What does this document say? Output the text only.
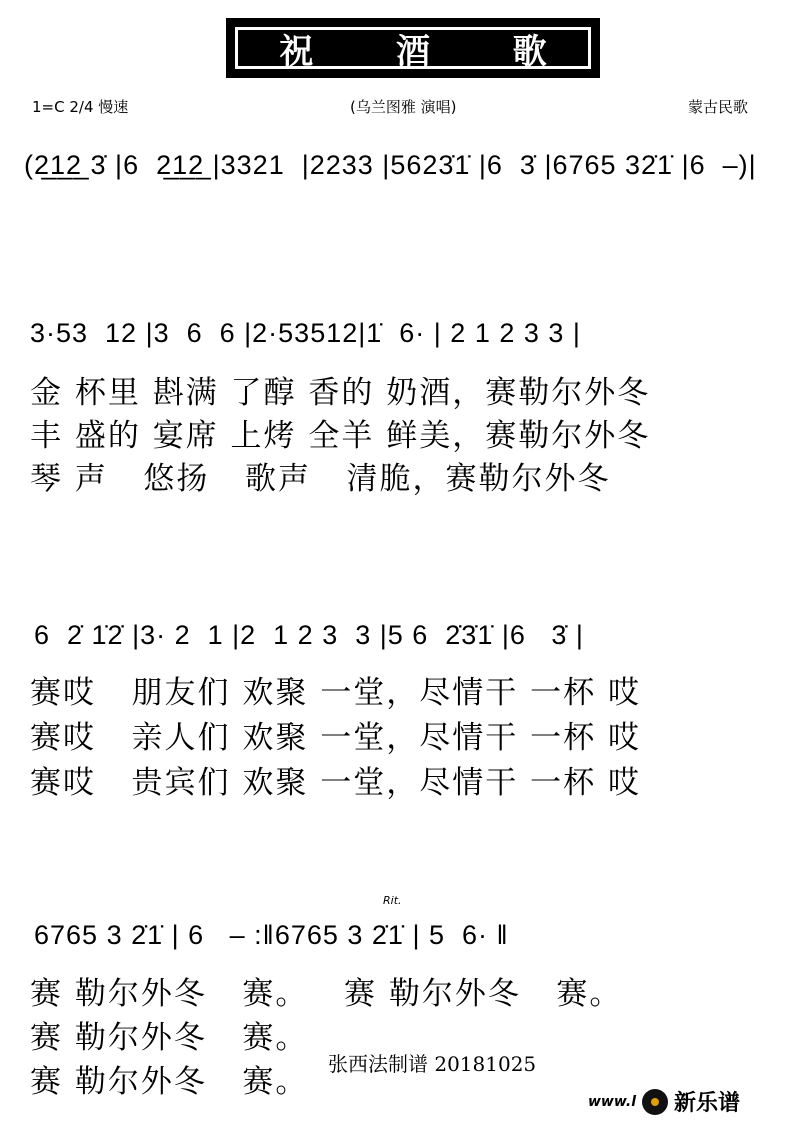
祝 酒 歌
1=C 2/4 慢速	(乌兰图雅 演唱)	蒙古民歌
(2̲1̲2̲ 3̇ |6  2̲1̲2̲ |3321  |2233 |5623̇1̇ |6  3̇ |6765 32̇1̇ |6  –)|
3·53  12 |3  6  6 |2·53512|1̇  6· | 2 1 2 3 3 |
金 杯里 斟满 了醇 香的 奶酒，赛勒尔外冬
丰 盛的 宴席 上烤 全羊 鲜美，赛勒尔外冬
琴 声   悠扬   歌声   清脆，赛勒尔外冬
6  2̇ 1̇2̇ |3· 2  1 |2  1 2 3  3 |5 6  2̇3̇1̇ |6   3̇ |
赛哎   朋友们 欢聚 一堂，尽情干 一杯 哎
赛哎   亲人们 欢聚 一堂，尽情干 一杯 哎
赛哎   贵宾们 欢聚 一堂，尽情干 一杯 哎
Rit.
6765 3 2̇1̇ | 6   – :‖6765 3 2̇1̇ | 5  6· ‖
赛 勒尔外冬   赛。   赛 勒尔外冬   赛。
赛 勒尔外冬   赛。
赛 勒尔外冬   赛。 张西法制谱 20181025
www.l 新乐谱
